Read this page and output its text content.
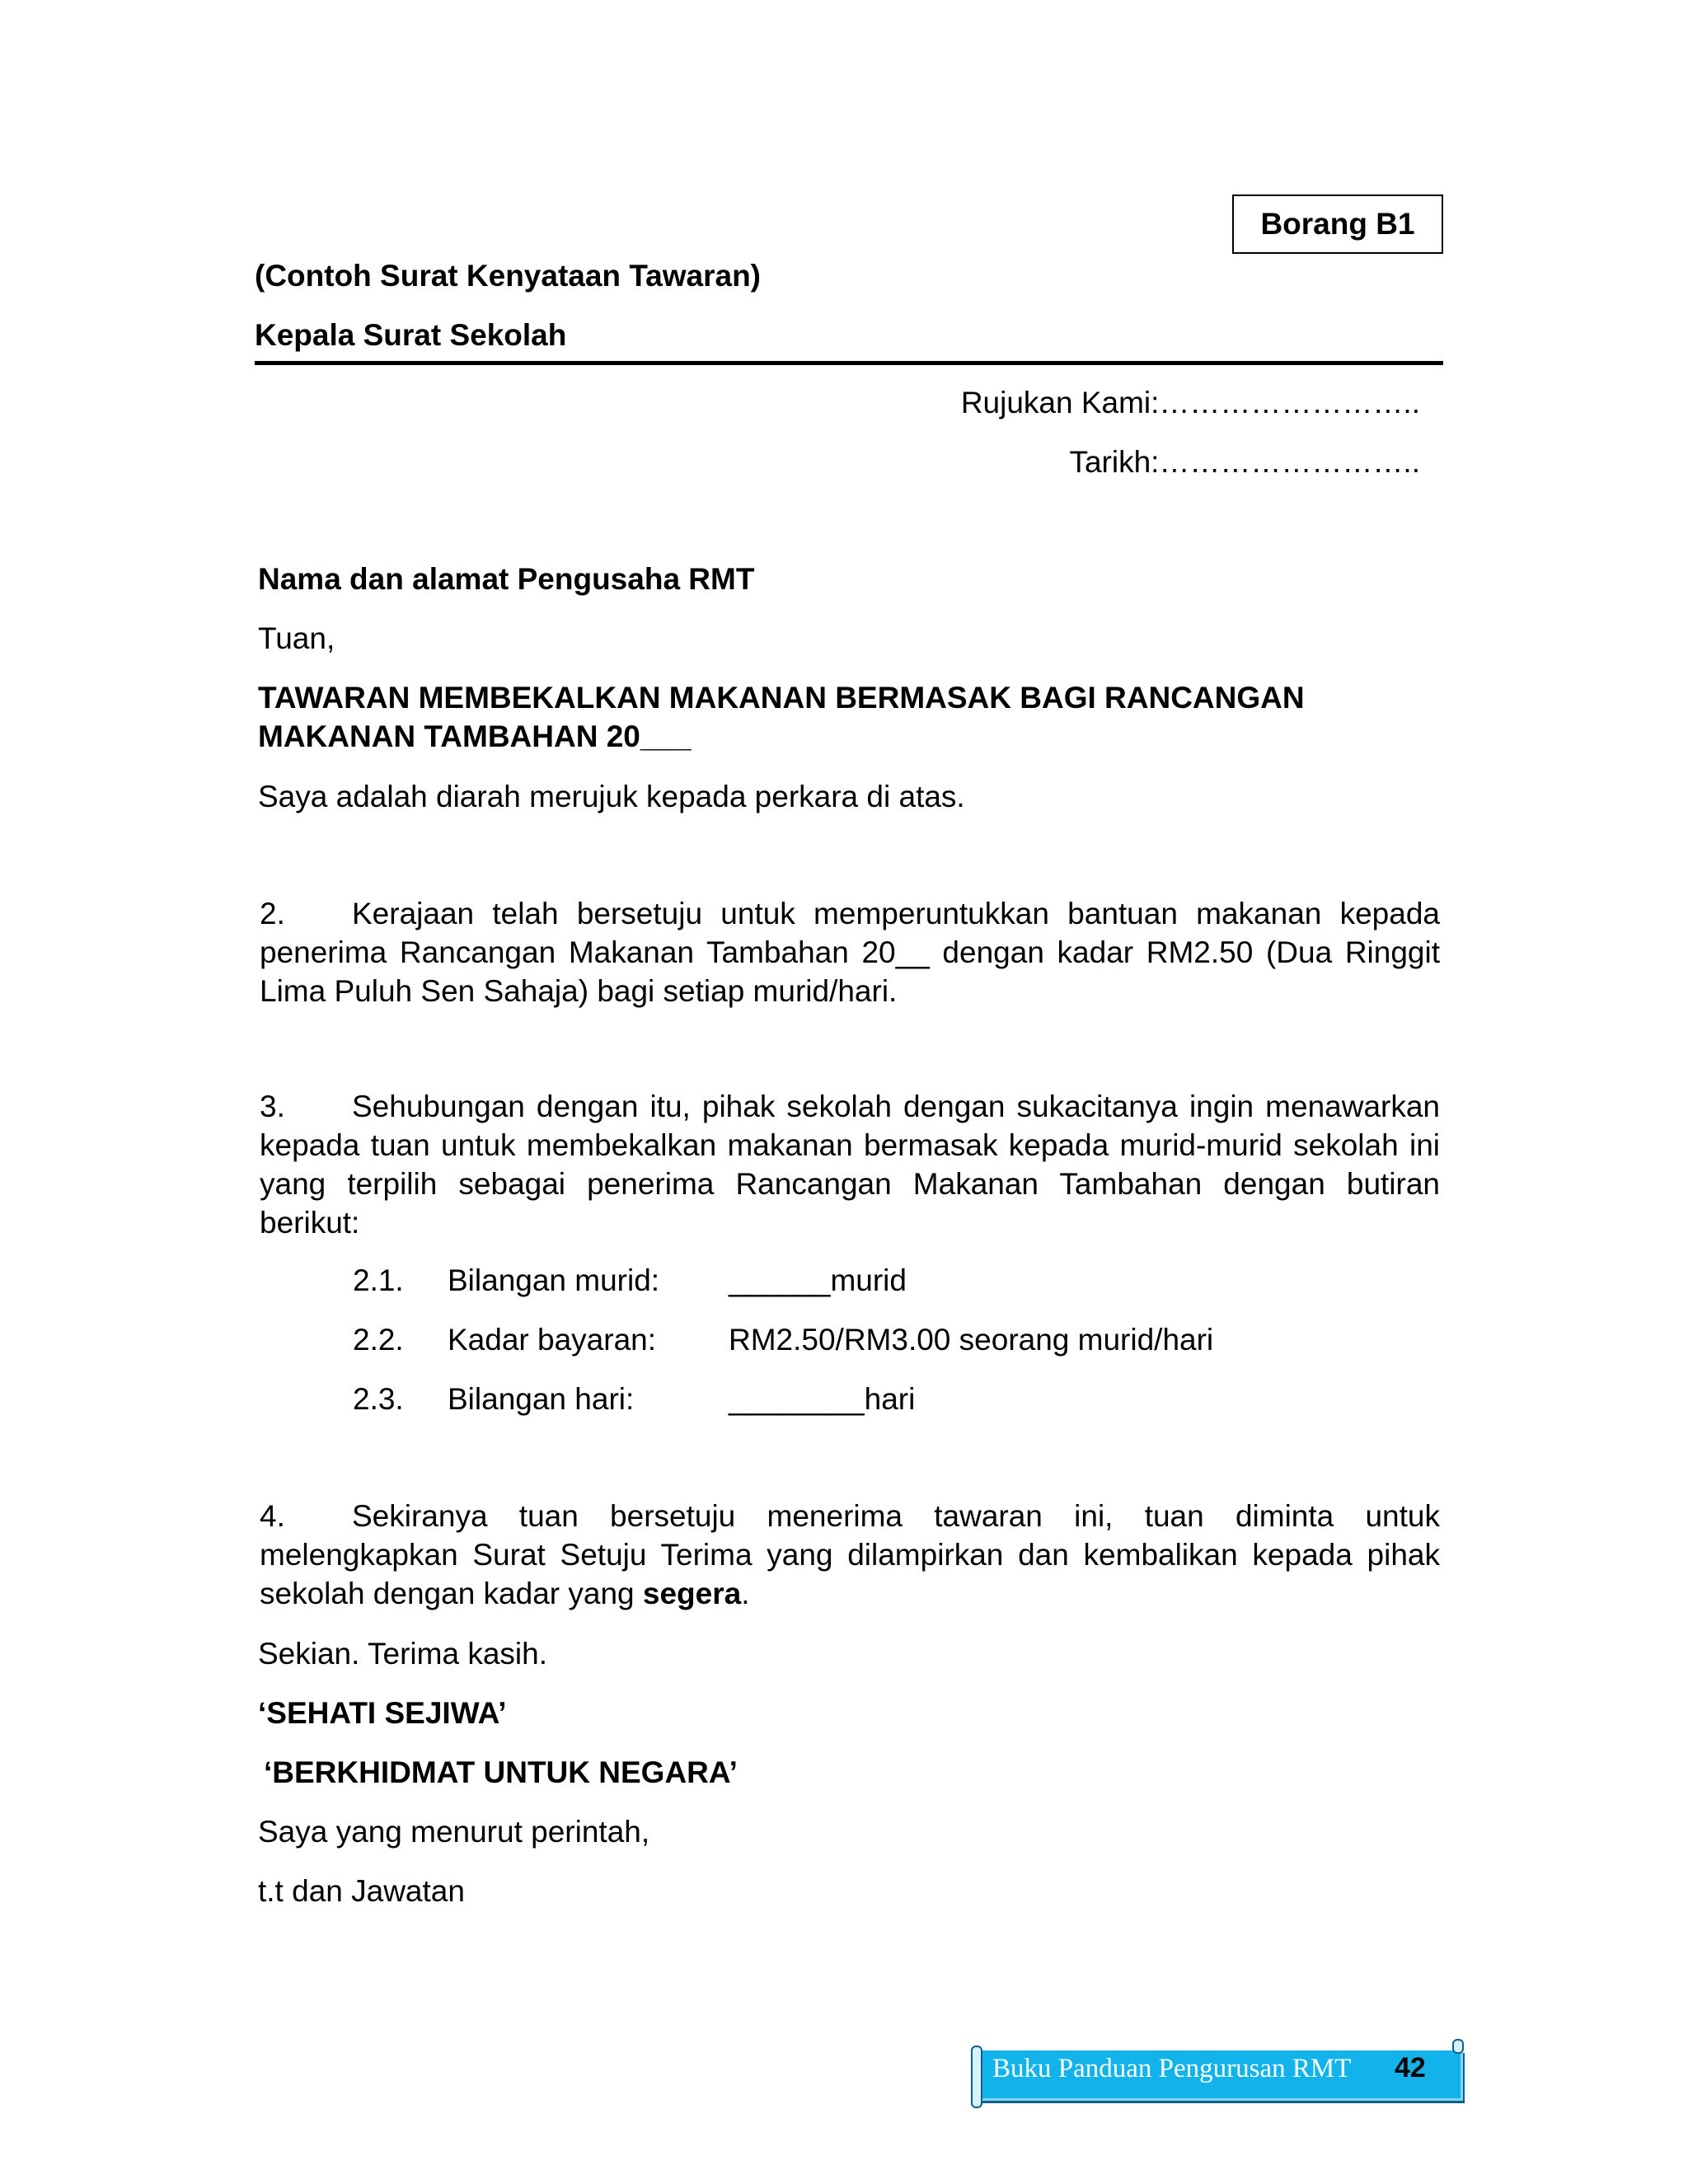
Borang B1
(Contoh Surat Kenyataan Tawaran)
Kepala Surat Sekolah
Rujukan Kami:……………………..
Tarikh:……………………..
Nama dan alamat Pengusaha RMT
Tuan,
TAWARAN MEMBEKALKAN MAKANAN BERMASAK BAGI RANCANGAN
MAKANAN TAMBAHAN 20___
Saya adalah diarah merujuk kepada perkara di atas.
2. Kerajaan telah bersetuju untuk memperuntukkan bantuan makanan kepada penerima Rancangan Makanan Tambahan 20__ dengan kadar RM2.50 (Dua Ringgit Lima Puluh Sen Sahaja) bagi setiap murid/hari.
3. Sehubungan dengan itu, pihak sekolah dengan sukacitanya ingin menawarkan kepada tuan untuk membekalkan makanan bermasak kepada murid-murid sekolah ini yang terpilih sebagai penerima Rancangan Makanan Tambahan dengan butiran berikut:
2.1. Bilangan murid: ______murid
2.2. Kadar bayaran: RM2.50/RM3.00 seorang murid/hari
2.3. Bilangan hari:	________hari
4. Sekiranya tuan bersetuju menerima tawaran ini, tuan diminta untuk melengkapkan Surat Setuju Terima yang dilampirkan dan kembalikan kepada pihak sekolah dengan kadar yang segera.
Sekian. Terima kasih.
‘SEHATI SEJIWA’
‘BERKHIDMAT UNTUK NEGARA’
Saya yang menurut perintah,
t.t dan Jawatan
Buku Panduan Pengurusan RMT 42
